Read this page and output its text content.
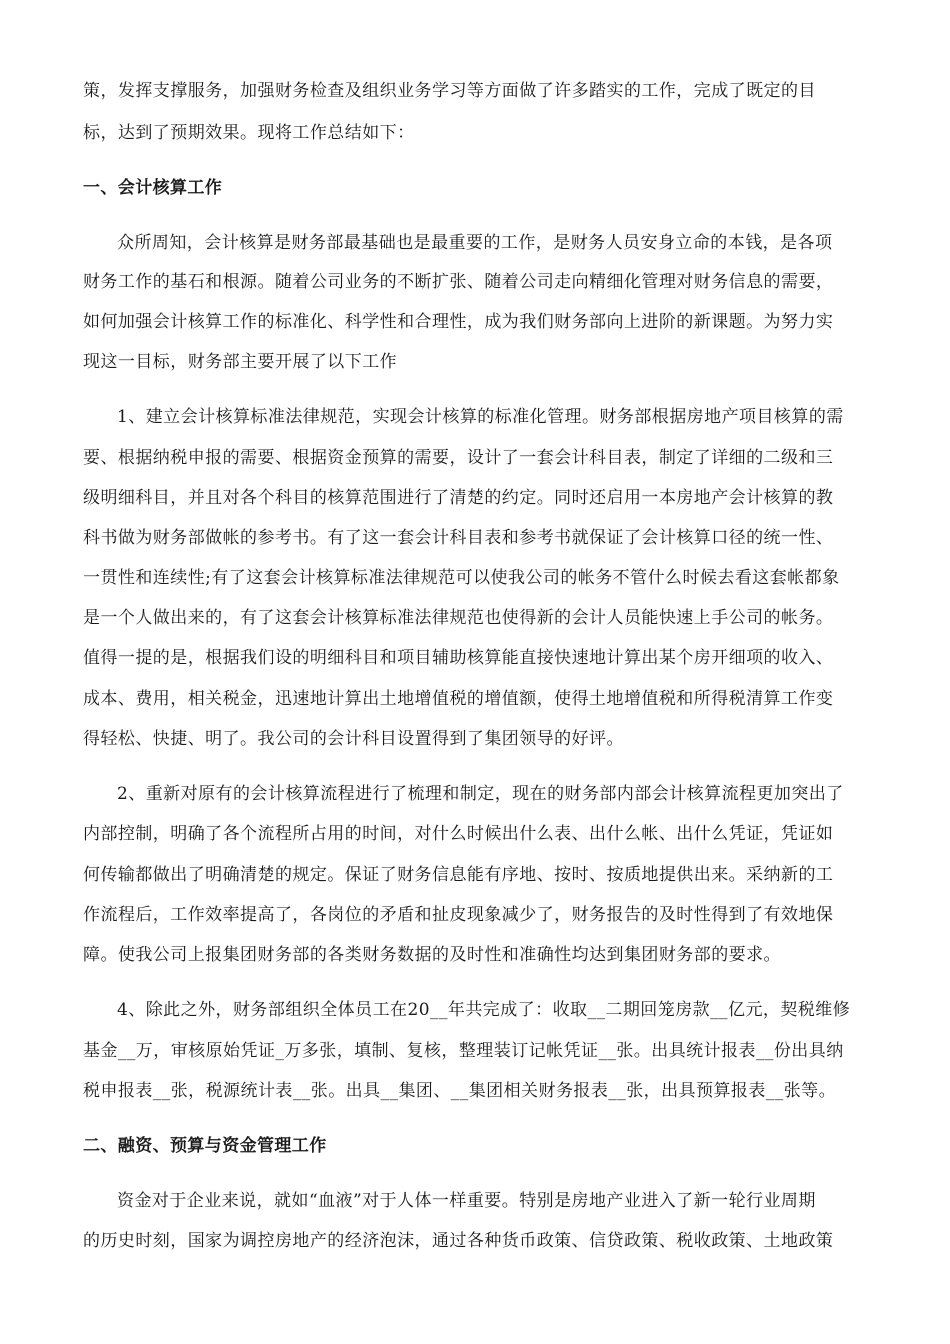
策，发挥支撑服务，加强财务检查及组织业务学习等方面做了许多踏实的工作，完成了既定的目
标，达到了预期效果。现将工作总结如下：
一、会计核算工作
众所周知，会计核算是财务部最基础也是最重要的工作，是财务人员安身立命的本钱，是各项
财务工作的基石和根源。随着公司业务的不断扩张、随着公司走向精细化管理对财务信息的需要，
如何加强会计核算工作的标准化、科学性和合理性，成为我们财务部向上进阶的新课题。为努力实
现这一目标，财务部主要开展了以下工作
1、建立会计核算标准法律规范，实现会计核算的标准化管理。财务部根据房地产项目核算的需
要、根据纳税申报的需要、根据资金预算的需要，设计了一套会计科目表，制定了详细的二级和三
级明细科目，并且对各个科目的核算范围进行了清楚的约定。同时还启用一本房地产会计核算的教
科书做为财务部做帐的参考书。有了这一套会计科目表和参考书就保证了会计核算口径的统一性、
一贯性和连续性;有了这套会计核算标准法律规范可以使我公司的帐务不管什么时候去看这套帐都象
是一个人做出来的，有了这套会计核算标准法律规范也使得新的会计人员能快速上手公司的帐务。
值得一提的是，根据我们设的明细科目和项目辅助核算能直接快速地计算出某个房开细项的收入、
成本、费用，相关税金，迅速地计算出土地增值税的增值额，使得土地增值税和所得税清算工作变
得轻松、快捷、明了。我公司的会计科目设置得到了集团领导的好评。
2、重新对原有的会计核算流程进行了梳理和制定，现在的财务部内部会计核算流程更加突出了
内部控制，明确了各个流程所占用的时间，对什么时候出什么表、出什么帐、出什么凭证，凭证如
何传输都做出了明确清楚的规定。保证了财务信息能有序地、按时、按质地提供出来。采纳新的工
作流程后，工作效率提高了，各岗位的矛盾和扯皮现象减少了，财务报告的及时性得到了有效地保
障。使我公司上报集团财务部的各类财务数据的及时性和准确性均达到集团财务部的要求。
4、除此之外，财务部组织全体员工在20__年共完成了：收取__二期回笼房款__亿元，契税维修
基金__万，审核原始凭证_万多张，填制、复核，整理装订记帐凭证__张。出具统计报表__份出具纳
税申报表__张，税源统计表__张。出具__集团、__集团相关财务报表__张，出具预算报表__张等。
二、融资、预算与资金管理工作
资金对于企业来说，就如“血液”对于人体一样重要。特别是房地产业进入了新一轮行业周期
的历史时刻，国家为调控房地产的经济泡沫，通过各种货币政策、信贷政策、税收政策、土地政策
